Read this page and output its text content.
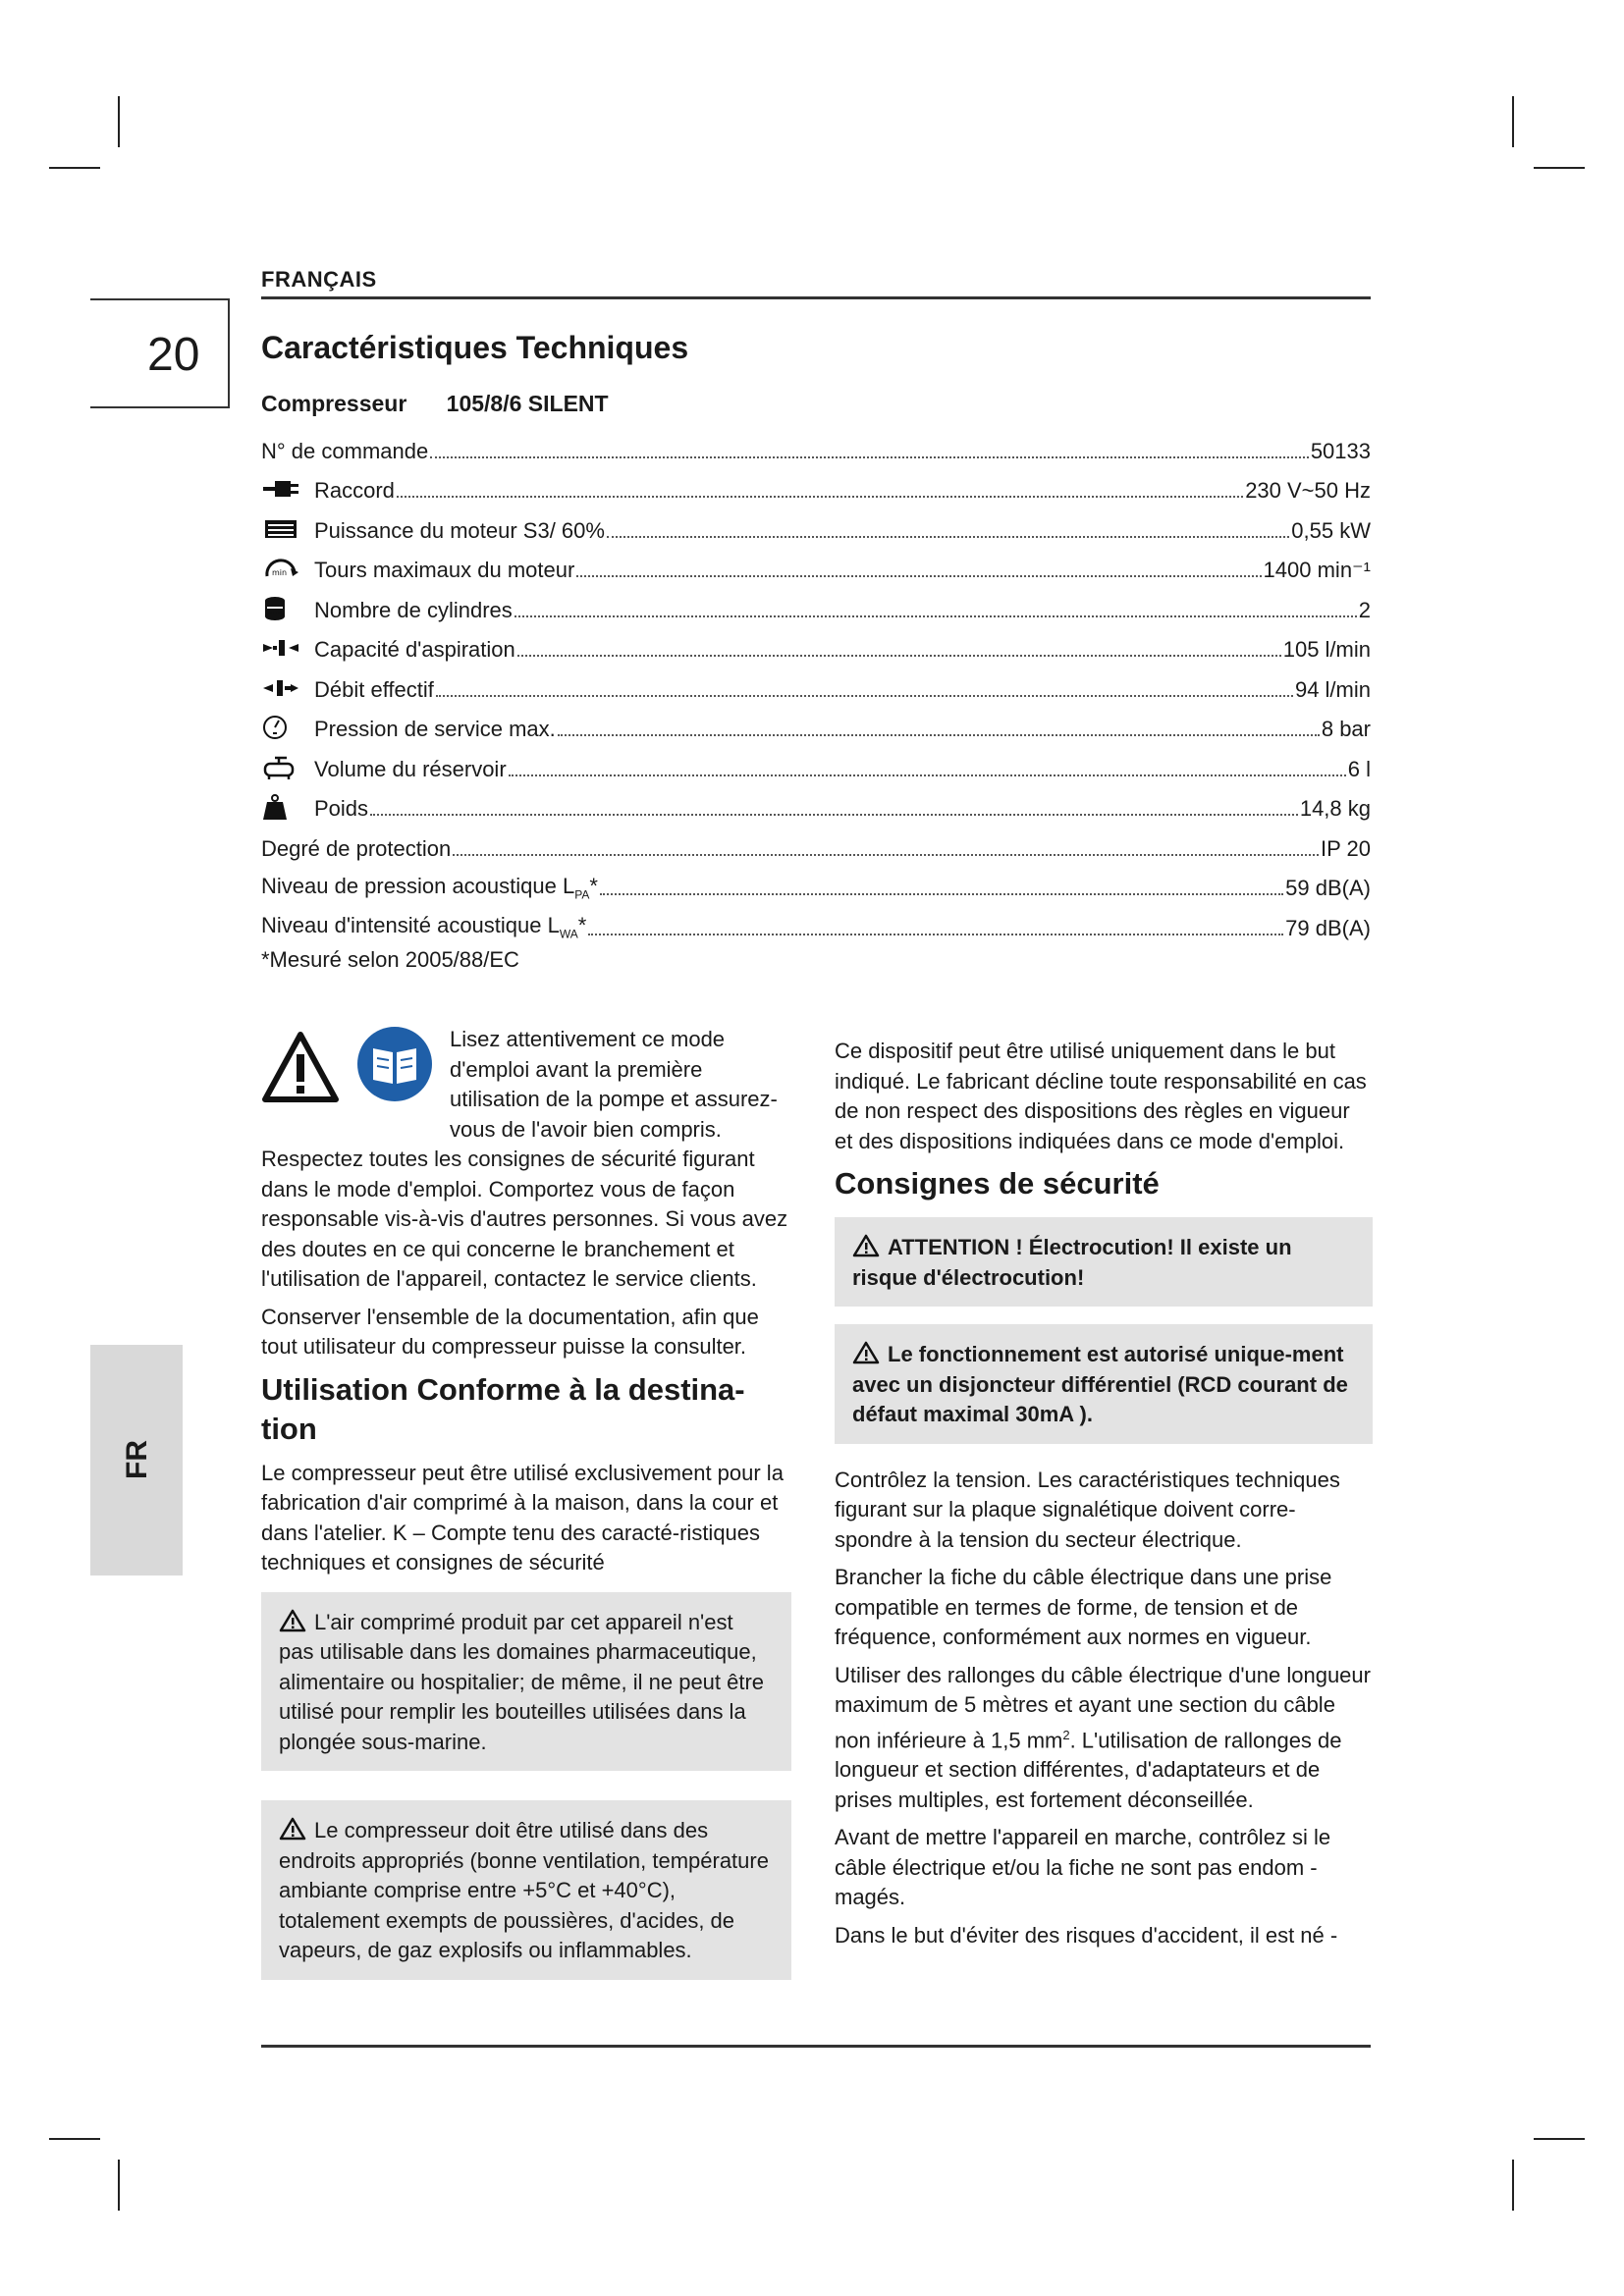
FRANÇAIS
20
FR
Caractéristiques Techniques
Compresseur 105/8/6 SILENT
N° de commande	50133
Raccord	230 V~50 Hz
Puissance du moteur S3/ 60%	0,55 kW
min Tours maximaux du moteur	1400 min⁻¹
Nombre de cylindres	2
Capacité d'aspiration	105 l/min
Débit effectif	94 l/min
Pression de service max.	8 bar
Volume du réservoir	6 l
Poids	14,8 kg
Degré de protection	IP 20
Niveau de pression acoustique $L_{PA}*$	59 dB(A)
Niveau d'intensité acoustique $L_{WA}*$	79 dB(A)
*Mesuré selon 2005/88/EC

Lisez attentivement ce mode d'emploi avant la première utilisation de la pompe et assurez-vous de l'avoir bien compris. Respectez toutes les consignes de sécurité figurant dans le mode d'emploi. Comportez vous de façon responsable vis-à-vis d'autres personnes. Si vous avez des doutes en ce qui concerne le branchement et l'utilisation de l'appareil, contactez le service clients.

Conserver l'ensemble de la documentation, afin que tout utilisateur du compresseur puisse la consulter.

Utilisation Conforme à la destina-tion

Le compresseur peut être utilisé exclusivement pour la fabrication d'air comprimé à la maison, dans la cour et dans l'atelier. K – Compte tenu des caracté-ristiques techniques et consignes de sécurité

L'air comprimé produit par cet appareil n'est pas utilisable dans les domaines pharmaceutique, alimentaire ou hospitalier; de même, il ne peut être utilisé pour remplir les bouteilles utilisées dans la plongée sous-marine.

Le compresseur doit être utilisé dans des endroits appropriés (bonne ventilation, température ambiante comprise entre +5°C et +40°C), totalement exempts de poussières, d'acides, de vapeurs, de gaz explosifs ou inflammables.

Ce dispositif peut être utilisé uniquement dans le but indiqué. Le fabricant décline toute responsabilité en cas de non respect des dispositions des règles en vigueur et des dispositions indiquées dans ce mode d'emploi.

Consignes de sécurité

ATTENTION ! Électrocution! Il existe un risque d'électrocution!

Le fonctionnement est autorisé unique-ment avec un disjoncteur différentiel (RCD courant de défaut maximal 30mA ).

Contrôlez la tension. Les caractéristiques techniques figurant sur la plaque signalétique doivent corre-spondre à la tension du secteur électrique.

Brancher la fiche du câble électrique dans une prise compatible en termes de forme, de tension et de fréquence, conformément aux normes en vigueur.

Utiliser des rallonges du câble électrique d'une longueur maximum de 5 mètres et ayant une section du câble non inférieure à 1,5 $mm^2$. L'utilisation de rallonges de longueur et section différentes, d'adaptateurs et de prises multiples, est fortement déconseillée.

Avant de mettre l'appareil en marche, contrôlez si le câble électrique et/ou la fiche ne sont pas endom - magés.

Dans le but d'éviter des risques d'accident, il est né -
